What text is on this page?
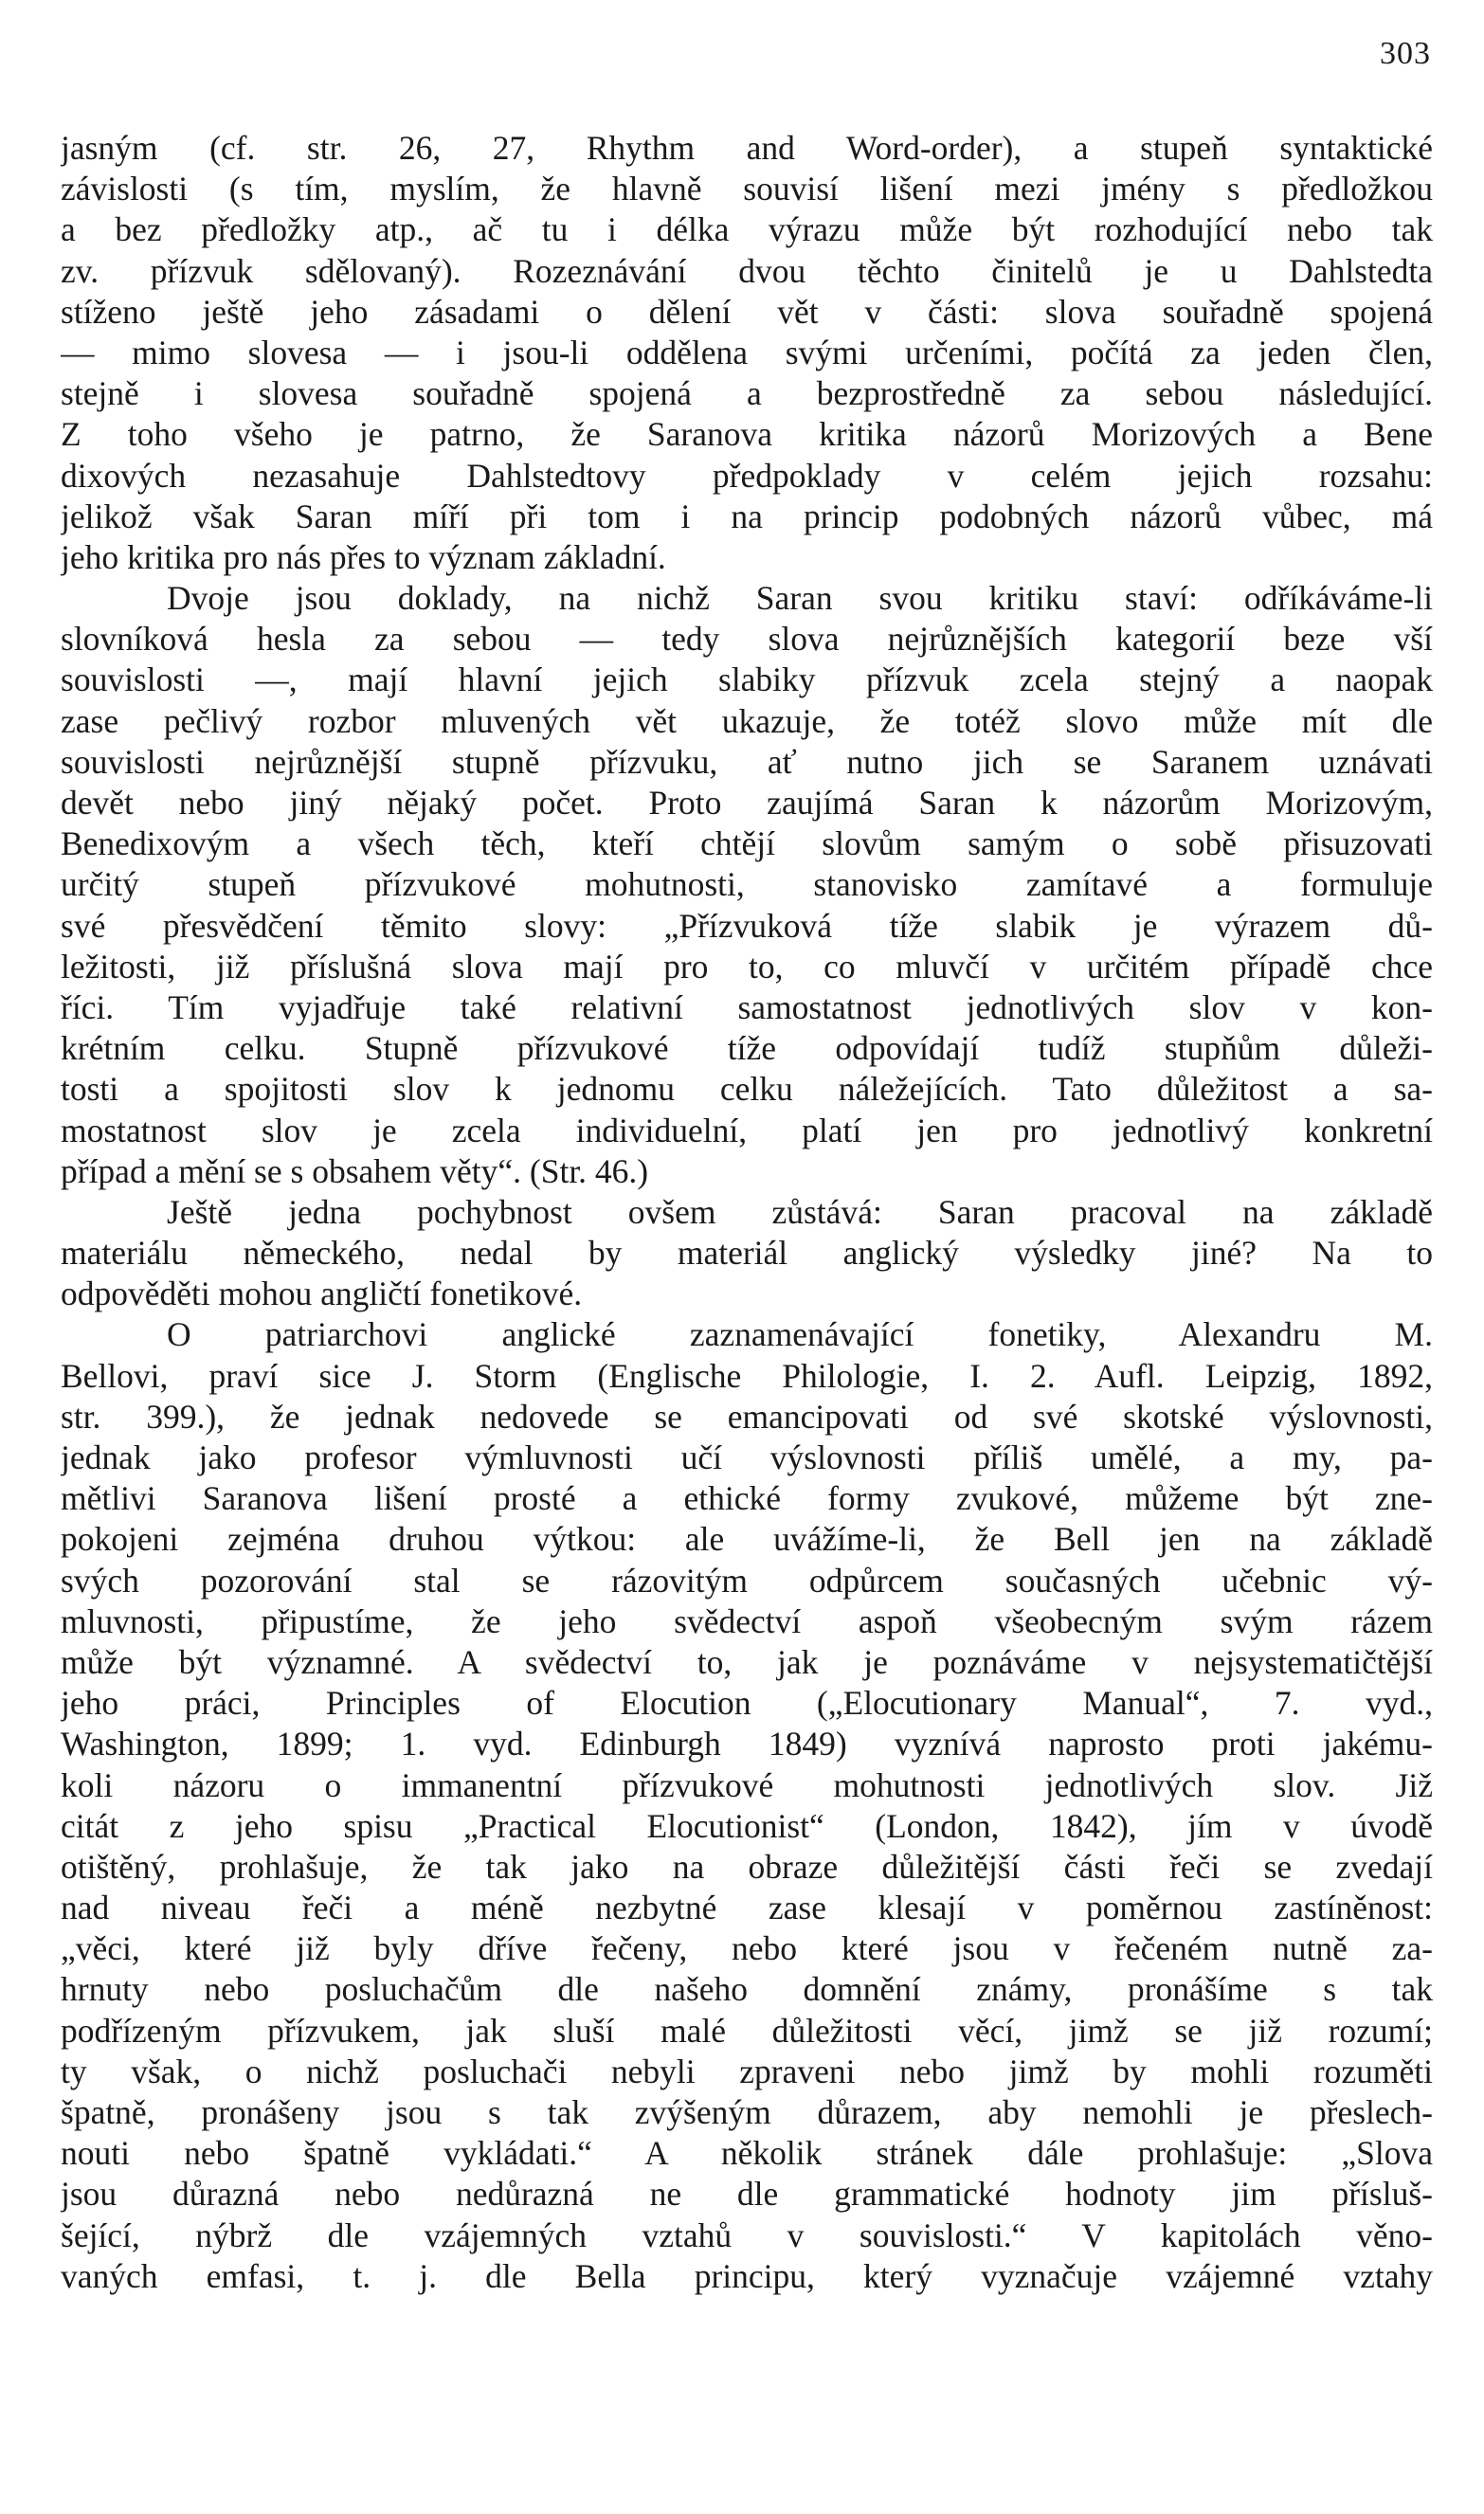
303
jasným (cf. str. 26, 27, Rhythm and Word-order), a stupeň syntaktické
závislosti (s tím, myslím, že hlavně souvisí lišení mezi jmény s předložkou
a bez předložky atp., ač tu i délka výrazu může být rozhodující nebo tak
zv. přízvuk sdělovaný). Rozeznávání dvou těchto činitelů je u Dahlstedta
stíženo ještě jeho zásadami o dělení vět v části: slova souřadně spojená
— mimo slovesa — i jsou-li oddělena svými určeními, počítá za jeden člen,
stejně i slovesa souřadně spojená a bezprostředně za sebou následující.
Z toho všeho je patrno, že Saranova kritika názorů Morizových a Bene
dixových nezasahuje Dahlstedtovy předpoklady v celém jejich rozsahu:
jelikož však Saran míří při tom i na princip podobných názorů vůbec, má
jeho kritika pro nás přes to význam základní.
Dvoje jsou doklady, na nichž Saran svou kritiku staví: odříkáváme-li
slovníková hesla za sebou — tedy slova nejrůznějších kategorií beze vší
souvislosti —, mají hlavní jejich slabiky přízvuk zcela stejný a naopak
zase pečlivý rozbor mluvených vět ukazuje, že totéž slovo může mít dle
souvislosti nejrůznější stupně přízvuku, ať nutno jich se Saranem uznávati
devět nebo jiný nějaký počet. Proto zaujímá Saran k názorům Morizovým,
Benedixovým a všech těch, kteří chtějí slovům samým o sobě přisuzovati
určitý stupeň přízvukové mohutnosti, stanovisko zamítavé a formuluje
své přesvědčení těmito slovy: „Přízvuková tíže slabik je výrazem dů-
ležitosti, již příslušná slova mají pro to, co mluvčí v určitém případě chce
říci. Tím vyjadřuje také relativní samostatnost jednotlivých slov v kon-
krétním celku. Stupně přízvukové tíže odpovídají tudíž stupňům důleži-
tosti a spojitosti slov k jednomu celku náležejících. Tato důležitost a sa-
mostatnost slov je zcela individuelní, platí jen pro jednotlivý konkretní
případ a mění se s obsahem věty“. (Str. 46.)
Ještě jedna pochybnost ovšem zůstává: Saran pracoval na základě
materiálu německého, nedal by materiál anglický výsledky jiné? Na to
odpověděti mohou angličtí fonetikové.
O patriarchovi anglické zaznamenávající fonetiky, Alexandru M.
Bellovi, praví sice J. Storm (Englische Philologie, I. 2. Aufl. Leipzig, 1892,
str. 399.), že jednak nedovede se emancipovati od své skotské výslovnosti,
jednak jako profesor výmluvnosti učí výslovnosti příliš umělé, a my, pa-
mětlivi Saranova lišení prosté a ethické formy zvukové, můžeme být zne-
pokojeni zejména druhou výtkou: ale uvážíme-li, že Bell jen na základě
svých pozorování stal se rázovitým odpůrcem současných učebnic vý-
mluvnosti, připustíme, že jeho svědectví aspoň všeobecným svým rázem
může být významné. A svědectví to, jak je poznáváme v nejsystematičtější
jeho práci, Principles of Elocution („Elocutionary Manual“, 7. vyd.,
Washington, 1899; 1. vyd. Edinburgh 1849) vyznívá naprosto proti jakému-
koli názoru o immanentní přízvukové mohutnosti jednotlivých slov. Již
citát z jeho spisu „Practical Elocutionist“ (London, 1842), jím v úvodě
otištěný, prohlašuje, že tak jako na obraze důležitější části řeči se zvedají
nad niveau řeči a méně nezbytné zase klesají v poměrnou zastíněnost:
„věci, které již byly dříve řečeny, nebo které jsou v řečeném nutně za-
hrnuty nebo posluchačům dle našeho domnění známy, pronášíme s tak
podřízeným přízvukem, jak sluší malé důležitosti věcí, jimž se již rozumí;
ty však, o nichž posluchači nebyli zpraveni nebo jimž by mohli rozuměti
špatně, pronášeny jsou s tak zvýšeným důrazem, aby nemohli je přeslech-
nouti nebo špatně vykládati.“ A několik stránek dále prohlašuje: „Slova
jsou důrazná nebo nedůrazná ne dle grammatické hodnoty jim přísluš-
šející, nýbrž dle vzájemných vztahů v souvislosti.“ V kapitolách věno-
vaných emfasi, t. j. dle Bella principu, který vyznačuje vzájemné vztahy
